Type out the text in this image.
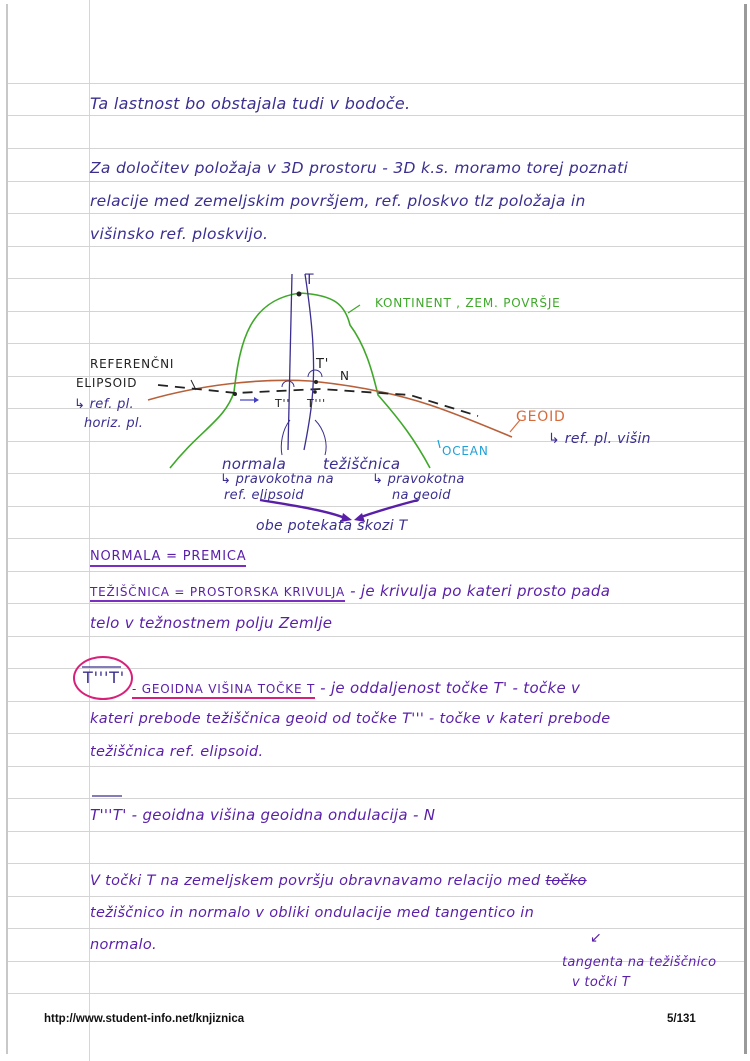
Ta lastnost bo obstajala tudi v bodoče.
Za določitev položaja v 3D prostoru - 3D k.s. moramo torej poznati
relacije med zemeljskim površjem, ref. ploskvo tlz položaja in
višinsko ref. ploskvijo.
T
KONTINENT , ZEM. POVRŠJE
T'
N
T'' T'''
REFERENČNI
ELIPSOID
↳ ref. pl.
horiz. pl.	GEOID
↳ ref. pl. višin
OCEAN
normala težiščnica
↳ pravokotna na
ref. elipsoid
↳ pravokotna
na geoid
obe potekata skozi T
NORMALA = PREMICA
TEŽIŠČNICA = PROSTORSKA KRIVULJA - je krivulja po kateri prosto pada
telo v težnostnem polju Zemlje
T'''T'
- GEOIDNA VIŠINA TOČKE T - je oddaljenost točke T' - točke v
kateri prebode težiščnica geoid od točke T''' - točke v kateri prebode
težiščnica ref. elipsoid.
T'''T' - geoidna višina geoidna ondulacija - N
V točki T na zemeljskem površju obravnavamo relacijo med točko
težiščnico in normalo v obliki ondulacije med tangentico in
normalo.	↙
tangenta na težiščnico
v točki T
http://www.student-info.net/knjiznica	5/131
